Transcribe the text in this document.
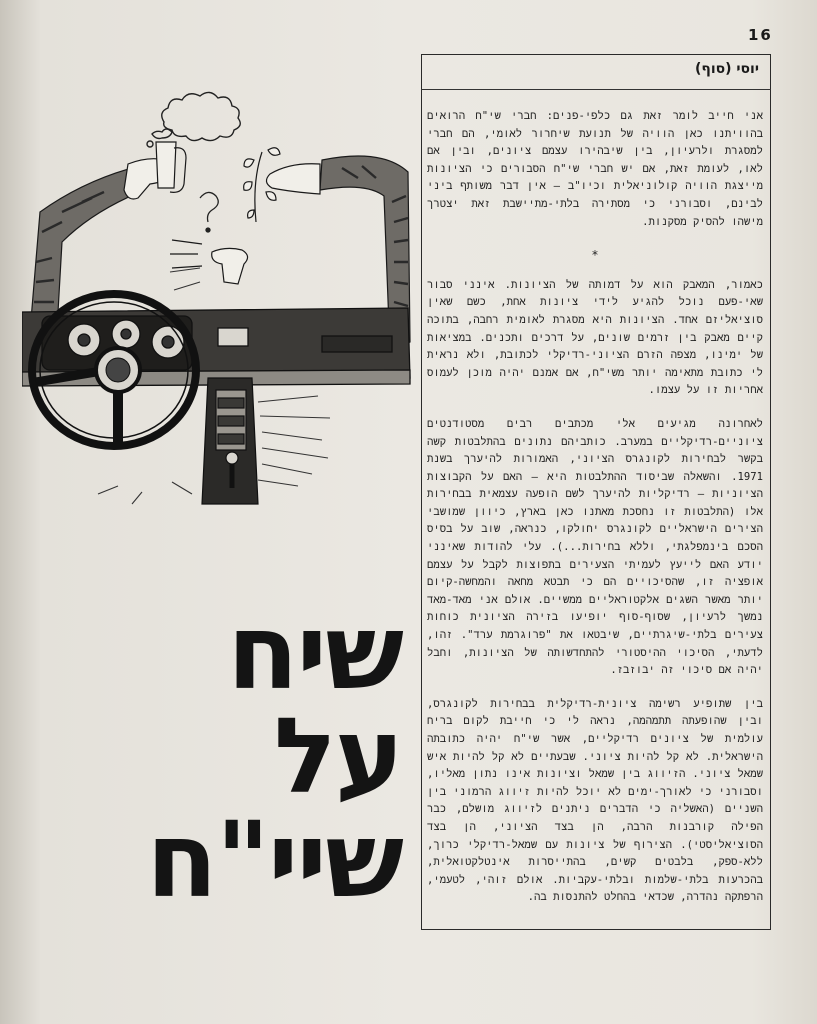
16
שיח
על
שיי"ח
יוסי (סוף)

אני חייב לומר זאת גם כלפי-פנים: חברי שי"ח הרואים בהוויתנו כאן הוויה של תנועת שיחרור לאומי, הם חברי למסגרת ולרעיון, בין שיבהירו עצמם ציונים, ובין אם לאו, לעומת זאת, אם יש חברי שי"ח הסבורים כי הציונות מייצגת הוויה קולוניאלית וכיו"ב – אין דבר משותף ביני לבינם, וסבורני כי מסתירה בלתי-מתיישבת זאת יצטרך מישהו להסיק מסקנות.

*

כאמור, המאבק הוא על דמותה של הציונות. אינני סבור שאי-פעם נוכל להגיע לידי ציונות אחת, כשם שאין סוציאליזם אחד. הציונות היא מסגרת לאומית רחבה, בתוכה קיים מאבק בין זרמים שונים, על דרכים ותכנים. במציאות של ימינו, מצפה הזרם הציוני-רדיקלי לכתובת, ולא נראית לי כתובת מתאימה יותר משי"ח, אם אמנם יהיה מוכן לעמוס אחריות זו על עצמו.

לאחרונה מגיעים אלי מכתבים רבים מסטודנטים ציוניים-רדיקליים במערב. כותביהם נתונים בהתלבטות קשה בקשר לבחירות לקונגרס הציוני, האמורות להיערך בשנת 1971. והשאלה שביסוד ההתלבטות היא – האם על הקבוצות הציוניות – רדיקליות להיערך לשם הופעה עצמאית בבחירות אלו (התלבטות זו נחסכת מאתנו כאן בארץ, כיוון שמושבי הצירים הישראליים לקונגרס יחולקו, כנראה, שוב על בסיס הסכם בינמפלגתי, וללא בחירות...). עלי להודות שאינני יודע האם לייעץ לעמיתי הצעירים בתפוצות לקבל על עצמם אופציה זו, שהסיכויים הם כי תבטא מחאה והמחשה-קיום יותר מאשר השגים אלקטוראליים ממשיים. אולם אני מאד-מאד נמשך לרעיון, שסוף-סוף יופיעו בזירה הציונית כוחות צעירים בלתי-שיגרתיים, שיבטאו את "פרוגרמת ערד". זהו, לדעתי, הסיכוי ההיסטורי להתחדשותה של הציונות, וחבל יהיה אם סיכוי זה יבוזבז.

בין שתופיע רשימה ציונית-רדיקלית בבחירות לקונגרס, ובין שהופעתה תתמהמה, נראה לי כי חייבת לקום בריח עולמית של ציונים רדיקליים, אשר שי"ח יהיה כתובתה הישראלית. לא קל להיות ציוני. שבעתיים לא קל להיות איש שמאל ציוני. הזיווג בין שמאל וציונות אינו נתון מאליו, וסבורני כי לאורך-ימים לא יוכל להיות זיווג הרמוני בין השניים (האשליה כי הדברים ניתנים לזיווג מושלם, כבר הפילה קורבנות הרבה, הן בצד הציוני, הן בצד הסוציאליסטי). הצירוף של ציונות עם שמאל-רדיקלי כרוך, ללא-ספק, בלבטים קשים, בהתייסרות אינטלקטואלית, בהכרעות בלתי-שלמות ובלתי-עקביות. אולם זוהי, לטעמי, הרפתקה נהדרה, שכדאי בהחלט להתנסות בה.
